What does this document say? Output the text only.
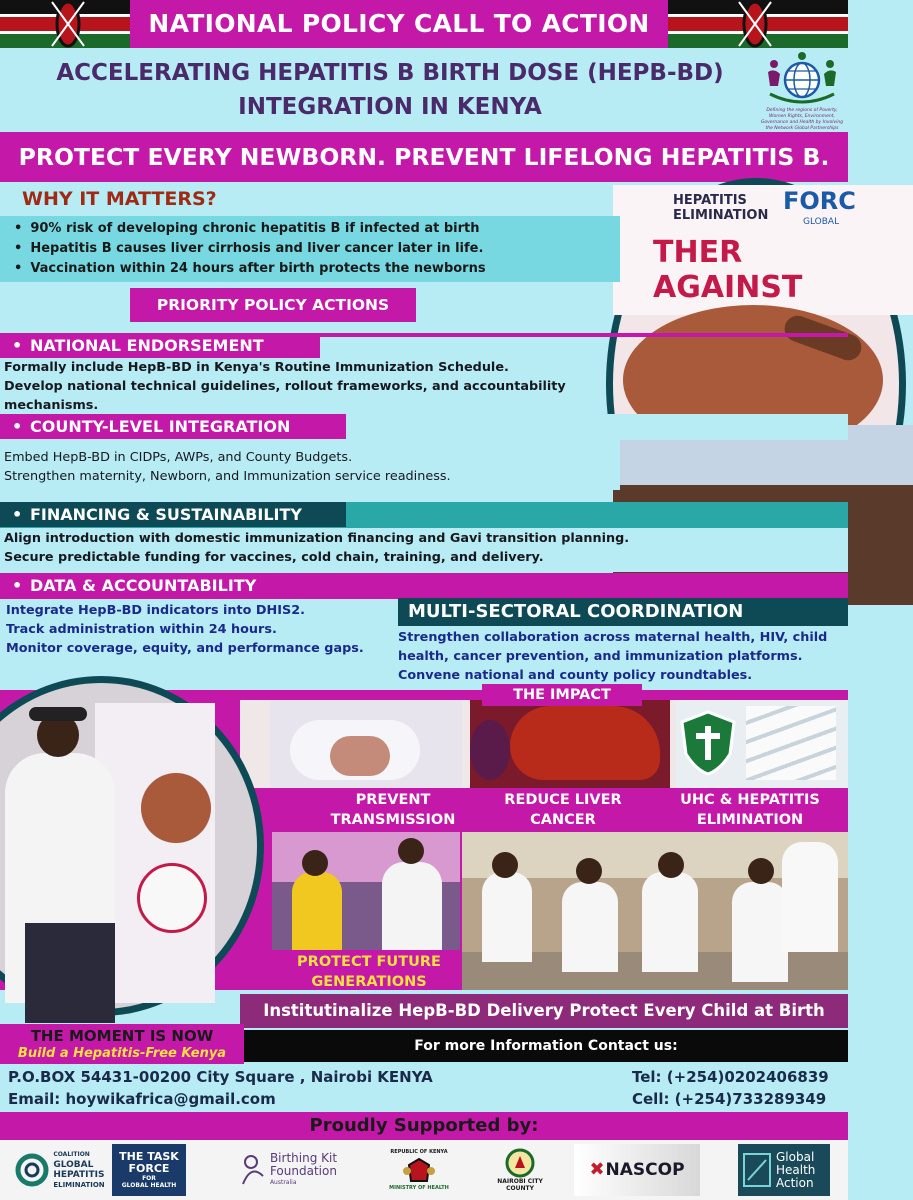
NATIONAL POLICY CALL TO ACTION
ACCELERATING HEPATITIS B BIRTH DOSE (HEPB-BD)
INTEGRATION IN KENYA	Defining the regions of Poverty, Women Rights, Environment, Governance and Health by Involving the Network Global Partnerships
PROTECT EVERY NEWBORN. PREVENT LIFELONG HEPATITIS B.
HEPATITIS
ELIMINATION
FORC
GLOBAL
THER AGAINST
WHY IT MATTERS?
• 90% risk of developing chronic hepatitis B if infected at birth
• Hepatitis B causes liver cirrhosis and liver cancer later in life.
• Vaccination within 24 hours after birth protects the newborns
PRIORITY POLICY ACTIONS
• NATIONAL ENDORSEMENT
Formally include HepB-BD in Kenya's Routine Immunization Schedule.
Develop national technical guidelines, rollout frameworks, and accountability
mechanisms.
• COUNTY-LEVEL INTEGRATION
Embed HepB-BD in CIDPs, AWPs, and County Budgets.
Strengthen maternity, Newborn, and Immunization service readiness.
• FINANCING & SUSTAINABILITY
Align introduction with domestic immunization financing and Gavi transition planning.
Secure predictable funding for vaccines, cold chain, training, and delivery.
• DATA & ACCOUNTABILITY
Integrate HepB-BD indicators into DHIS2.
Track administration within 24 hours.
Monitor coverage, equity, and performance gaps.
MULTI-SECTORAL COORDINATION
Strengthen collaboration across maternal health, HIV, child
health, cancer prevention, and immunization platforms.
Convene national and county policy roundtables.
THE IMPACT
PREVENT
TRANSMISSION
REDUCE LIVER
CANCER
UHC & HEPATITIS
ELIMINATION
PROTECT FUTURE
GENERATIONS
Institutinalize HepB-BD Delivery Protect Every Child at Birth
THE MOMENT IS NOW
Build a Hepatitis-Free Kenya	For more Information Contact us:
P.O.BOX 54431-00200 City Square , Nairobi KENYA
Email: hoywikafrica@gmail.com
Tel: (+254)0202406839
Cell: (+254)733289349
Proudly Supported by:
COALITION
GLOBAL
HEPATITIS
ELIMINATION
THE TASK
FORCE
FOR
GLOBAL HEALTH
Birthing Kit
Foundation
Australia
REPUBLIC OF KENYA
MINISTRY OF HEALTH
NAIROBI CITY
COUNTY
✖ NASCOP
Global
Health
Action
